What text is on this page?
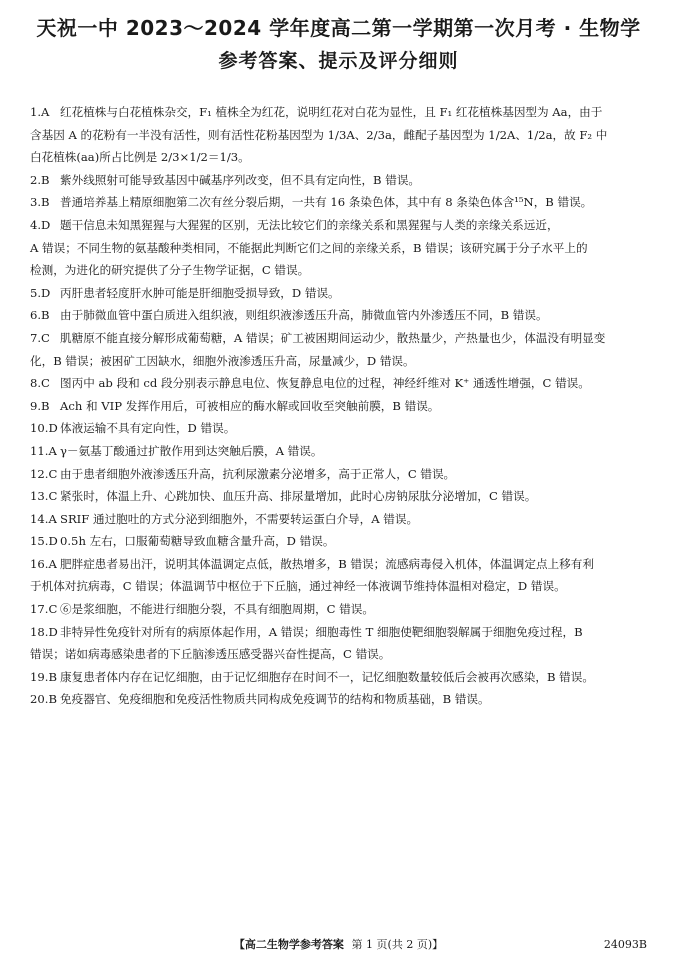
天祝一中 2023～2024 学年度高二第一学期第一次月考 · 生物学
参考答案、提示及评分细则
1.A 红花植株与白花植株杂交，F₁ 植株全为红花，说明红花对白花为显性，且 F₁ 红花植株基因型为 Aa，由于
含基因 A 的花粉有一半没有活性，则有活性花粉基因型为 1/3A、2/3a，雌配子基因型为 1/2A、1/2a，故 F₂ 中
白花植株(aa)所占比例是 2/3×1/2＝1/3。
2.B 紫外线照射可能导致基因中碱基序列改变，但不具有定向性，B 错误。
3.B 普通培养基上精原细胞第二次有丝分裂后期，一共有 16 条染色体，其中有 8 条染色体含¹⁵N，B 错误。
4.D 题干信息未知黑猩猩与大猩猩的区别，无法比较它们的亲缘关系和黑猩猩与人类的亲缘关系远近，
A 错误；不同生物的氨基酸种类相同，不能据此判断它们之间的亲缘关系，B 错误；该研究属于分子水平上的
检测，为进化的研究提供了分子生物学证据，C 错误。
5.D 丙肝患者轻度肝水肿可能是肝细胞受损导致，D 错误。
6.B 由于肺微血管中蛋白质进入组织液，则组织液渗透压升高，肺微血管内外渗透压不同，B 错误。
7.C 肌糖原不能直接分解形成葡萄糖，A 错误；矿工被困期间运动少，散热量少，产热量也少，体温没有明显变
化，B 错误；被困矿工因缺水，细胞外液渗透压升高，尿量减少，D 错误。
8.C 图丙中 ab 段和 cd 段分别表示静息电位、恢复静息电位的过程，神经纤维对 K⁺ 通透性增强，C 错误。
9.B Ach 和 VIP 发挥作用后，可被相应的酶水解或回收至突触前膜，B 错误。
10.D 体液运输不具有定向性，D 错误。
11.A γ－氨基丁酸通过扩散作用到达突触后膜，A 错误。
12.C 由于患者细胞外液渗透压升高，抗利尿激素分泌增多，高于正常人，C 错误。
13.C 紧张时，体温上升、心跳加快、血压升高、排尿量增加，此时心房钠尿肽分泌增加，C 错误。
14.A SRIF 通过胞吐的方式分泌到细胞外，不需要转运蛋白介导，A 错误。
15.D 0.5h 左右，口服葡萄糖导致血糖含量升高，D 错误。
16.A 肥胖症患者易出汗，说明其体温调定点低，散热增多，B 错误；流感病毒侵入机体，体温调定点上移有利
于机体对抗病毒，C 错误；体温调节中枢位于下丘脑，通过神经一体液调节维持体温相对稳定，D 错误。
17.C ⑥是浆细胞，不能进行细胞分裂，不具有细胞周期，C 错误。
18.D 非特异性免疫针对所有的病原体起作用，A 错误；细胞毒性 T 细胞使靶细胞裂解属于细胞免疫过程，B
错误；诺如病毒感染患者的下丘脑渗透压感受器兴奋性提高，C 错误。
19.B 康复患者体内存在记忆细胞，由于记忆细胞存在时间不一，记忆细胞数量较低后会被再次感染，B 错误。
20.B 免疫器官、免疫细胞和免疫活性物质共同构成免疫调节的结构和物质基础，B 错误。
【高二生物学参考答案 第 1 页(共 2 页)】	24093B
